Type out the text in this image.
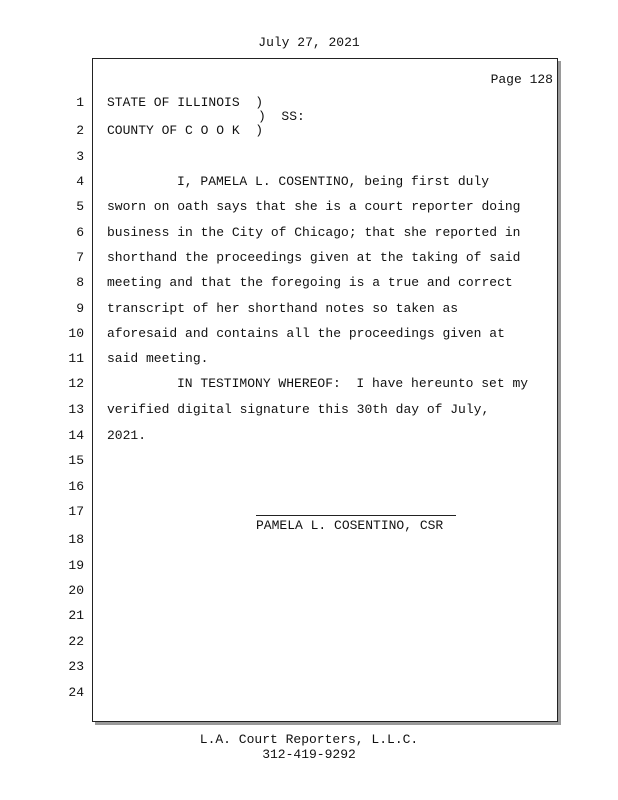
July 27, 2021
Page 128
1
2
3
4
5
6
7
8
9
10
11
12
13
14
15
16
17
18
19
20
21
22
23
24
STATE OF ILLINOIS  )
)  SS:
COUNTY OF C O O K  )
I, PAMELA L. COSENTINO, being first duly
sworn on oath says that she is a court reporter doing
business in the City of Chicago; that she reported in
shorthand the proceedings given at the taking of said
meeting and that the foregoing is a true and correct
transcript of her shorthand notes so taken as
aforesaid and contains all the proceedings given at
said meeting.
IN TESTIMONY WHEREOF:  I have hereunto set my
verified digital signature this 30th day of July,
2021.
PAMELA L. COSENTINO, CSR
L.A. Court Reporters, L.L.C.
312-419-9292
